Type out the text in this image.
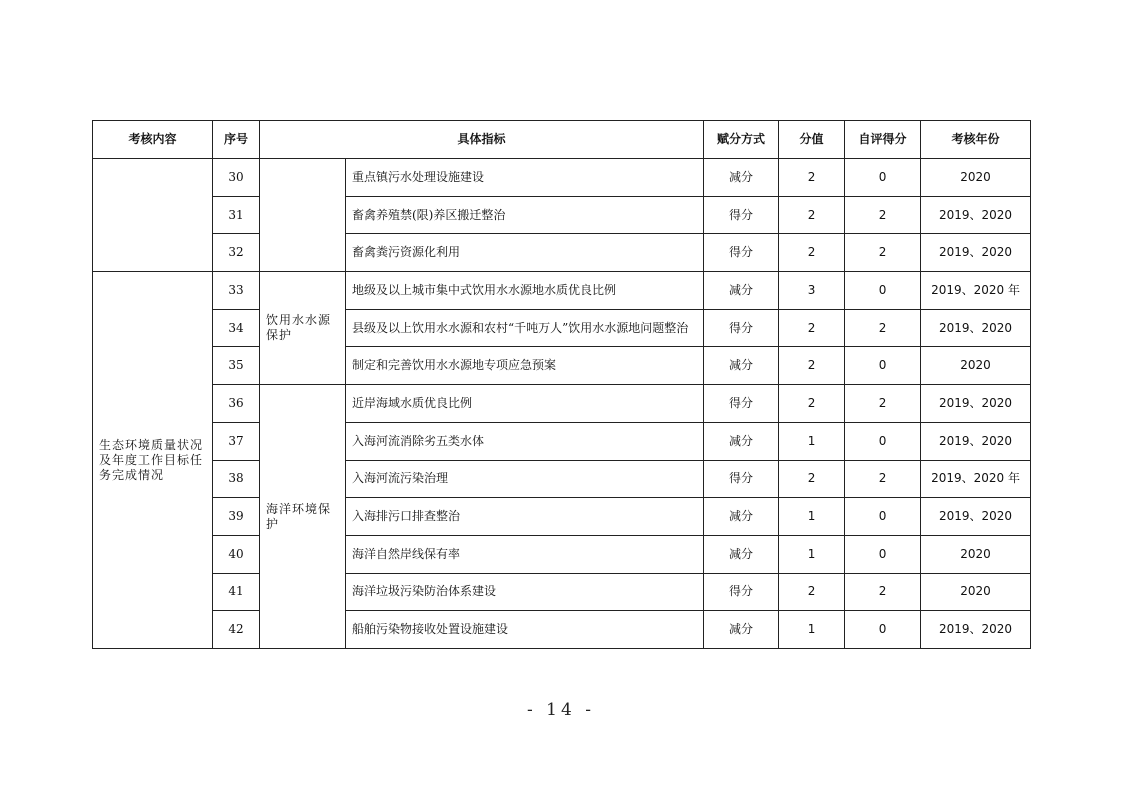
考核内容	序号	具体指标		赋分方式	分值	自评得分	考核年份
	30		重点镇污水处理设施建设	减分	2	0	2020
	31		畜禽养殖禁(限)养区搬迁整治	得分	2	2	2019、2020
	32		畜禽粪污资源化利用	得分	2	2	2019、2020
生态环境质量状况及年度工作目标任务完成情况	33	饮用水水源保护	地级及以上城市集中式饮用水水源地水质优良比例	减分	3	0	2019、2020 年
	34		县级及以上饮用水水源和农村“千吨万人”饮用水水源地问题整治	得分	2	2	2019、2020
	35		制定和完善饮用水水源地专项应急预案	减分	2	0	2020
	36	海洋环境保护	近岸海域水质优良比例	得分	2	2	2019、2020
	37		入海河流消除劣五类水体	减分	1	0	2019、2020
	38		入海河流污染治理	得分	2	2	2019、2020 年
	39		入海排污口排查整治	减分	1	0	2019、2020
	40		海洋自然岸线保有率	减分	1	0	2020
	41		海洋垃圾污染防治体系建设	得分	2	2	2020
	42		船舶污染物接收处置设施建设	减分	1	0	2019、2020
- 14 -
